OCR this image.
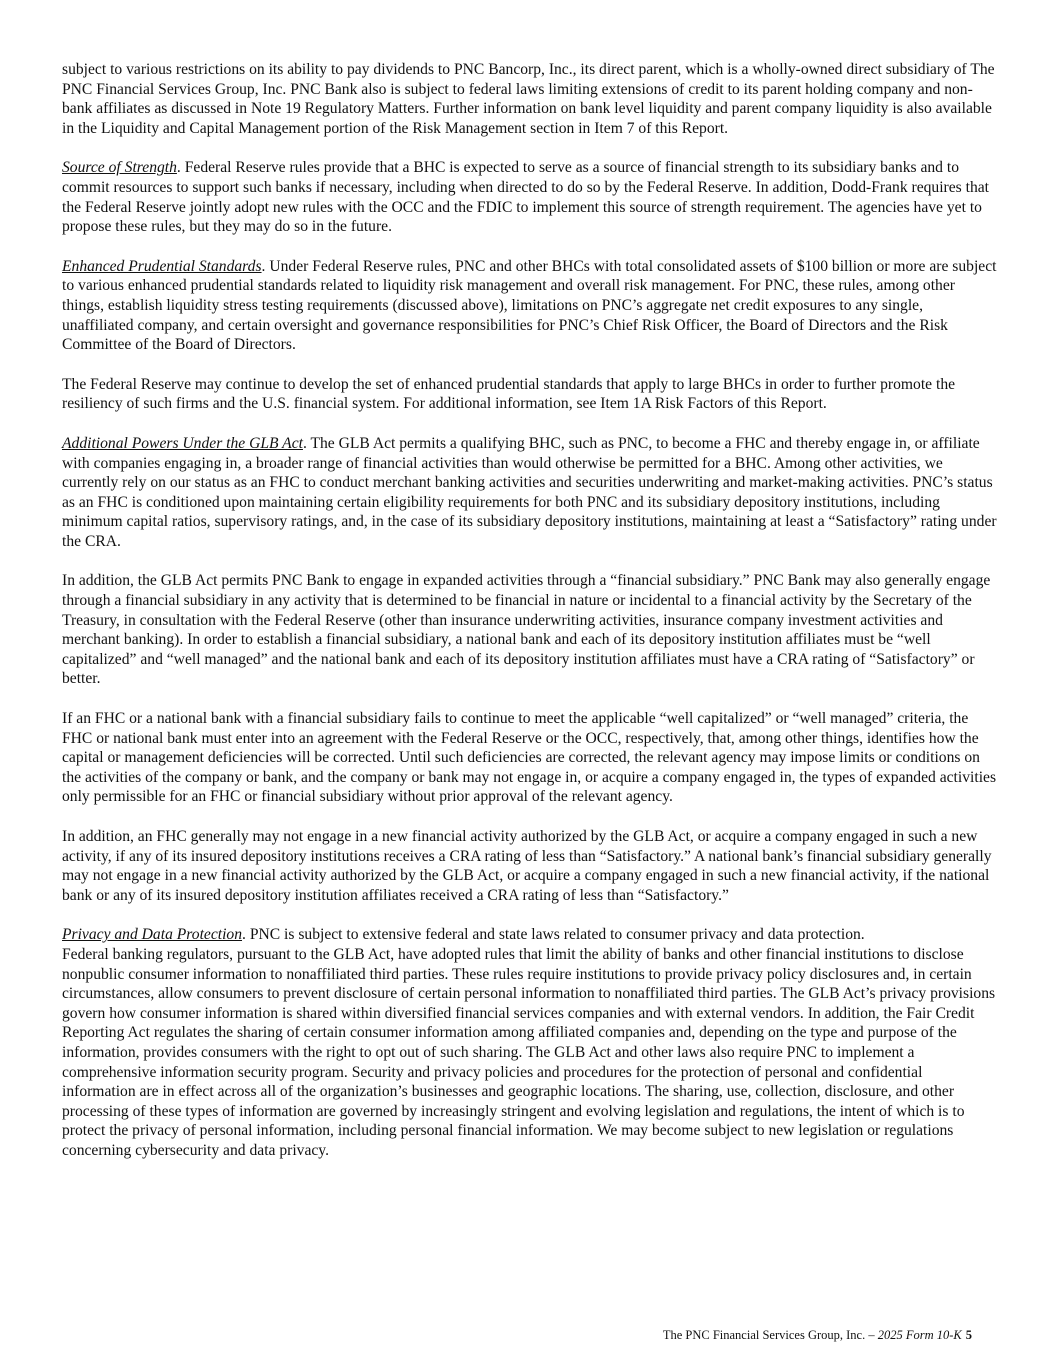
subject to various restrictions on its ability to pay dividends to PNC Bancorp, Inc., its direct parent, which is a wholly-owned direct subsidiary of The PNC Financial Services Group, Inc. PNC Bank also is subject to federal laws limiting extensions of credit to its parent holding company and non-bank affiliates as discussed in Note 19 Regulatory Matters. Further information on bank level liquidity and parent company liquidity is also available in the Liquidity and Capital Management portion of the Risk Management section in Item 7 of this Report.

Source of Strength. Federal Reserve rules provide that a BHC is expected to serve as a source of financial strength to its subsidiary banks and to commit resources to support such banks if necessary, including when directed to do so by the Federal Reserve. In addition, Dodd-Frank requires that the Federal Reserve jointly adopt new rules with the OCC and the FDIC to implement this source of strength requirement. The agencies have yet to propose these rules, but they may do so in the future.

Enhanced Prudential Standards. Under Federal Reserve rules, PNC and other BHCs with total consolidated assets of $100 billion or more are subject to various enhanced prudential standards related to liquidity risk management and overall risk management. For PNC, these rules, among other things, establish liquidity stress testing requirements (discussed above), limitations on PNC’s aggregate net credit exposures to any single, unaffiliated company, and certain oversight and governance responsibilities for PNC’s Chief Risk Officer, the Board of Directors and the Risk Committee of the Board of Directors.

The Federal Reserve may continue to develop the set of enhanced prudential standards that apply to large BHCs in order to further promote the resiliency of such firms and the U.S. financial system. For additional information, see Item 1A Risk Factors of this Report.

Additional Powers Under the GLB Act. The GLB Act permits a qualifying BHC, such as PNC, to become a FHC and thereby engage in, or affiliate with companies engaging in, a broader range of financial activities than would otherwise be permitted for a BHC. Among other activities, we currently rely on our status as an FHC to conduct merchant banking activities and securities underwriting and market-making activities. PNC’s status as an FHC is conditioned upon maintaining certain eligibility requirements for both PNC and its subsidiary depository institutions, including minimum capital ratios, supervisory ratings, and, in the case of its subsidiary depository institutions, maintaining at least a “Satisfactory” rating under the CRA.

In addition, the GLB Act permits PNC Bank to engage in expanded activities through a “financial subsidiary.” PNC Bank may also generally engage through a financial subsidiary in any activity that is determined to be financial in nature or incidental to a financial activity by the Secretary of the Treasury, in consultation with the Federal Reserve (other than insurance underwriting activities, insurance company investment activities and merchant banking). In order to establish a financial subsidiary, a national bank and each of its depository institution affiliates must be “well capitalized” and “well managed” and the national bank and each of its depository institution affiliates must have a CRA rating of “Satisfactory” or better.

If an FHC or a national bank with a financial subsidiary fails to continue to meet the applicable “well capitalized” or “well managed” criteria, the FHC or national bank must enter into an agreement with the Federal Reserve or the OCC, respectively, that, among other things, identifies how the capital or management deficiencies will be corrected. Until such deficiencies are corrected, the relevant agency may impose limits or conditions on the activities of the company or bank, and the company or bank may not engage in, or acquire a company engaged in, the types of expanded activities only permissible for an FHC or financial subsidiary without prior approval of the relevant agency.

In addition, an FHC generally may not engage in a new financial activity authorized by the GLB Act, or acquire a company engaged in such a new activity, if any of its insured depository institutions receives a CRA rating of less than “Satisfactory.” A national bank’s financial subsidiary generally may not engage in a new financial activity authorized by the GLB Act, or acquire a company engaged in such a new financial activity, if the national bank or any of its insured depository institution affiliates received a CRA rating of less than “Satisfactory.”

Privacy and Data Protection. PNC is subject to extensive federal and state laws related to consumer privacy and data protection.

Federal banking regulators, pursuant to the GLB Act, have adopted rules that limit the ability of banks and other financial institutions to disclose nonpublic consumer information to nonaffiliated third parties. These rules require institutions to provide privacy policy disclosures and, in certain circumstances, allow consumers to prevent disclosure of certain personal information to nonaffiliated third parties. The GLB Act’s privacy provisions govern how consumer information is shared within diversified financial services companies and with external vendors. In addition, the Fair Credit Reporting Act regulates the sharing of certain consumer information among affiliated companies and, depending on the type and purpose of the information, provides consumers with the right to opt out of such sharing. The GLB Act and other laws also require PNC to implement a comprehensive information security program. Security and privacy policies and procedures for the protection of personal and confidential information are in effect across all of the organization’s businesses and geographic locations. The sharing, use, collection, disclosure, and other processing of these types of information are governed by increasingly stringent and evolving legislation and regulations, the intent of which is to protect the privacy of personal information, including personal financial information. We may become subject to new legislation or regulations concerning cybersecurity and data privacy.

The PNC Financial Services Group, Inc. – 2025 Form 10-K 5
